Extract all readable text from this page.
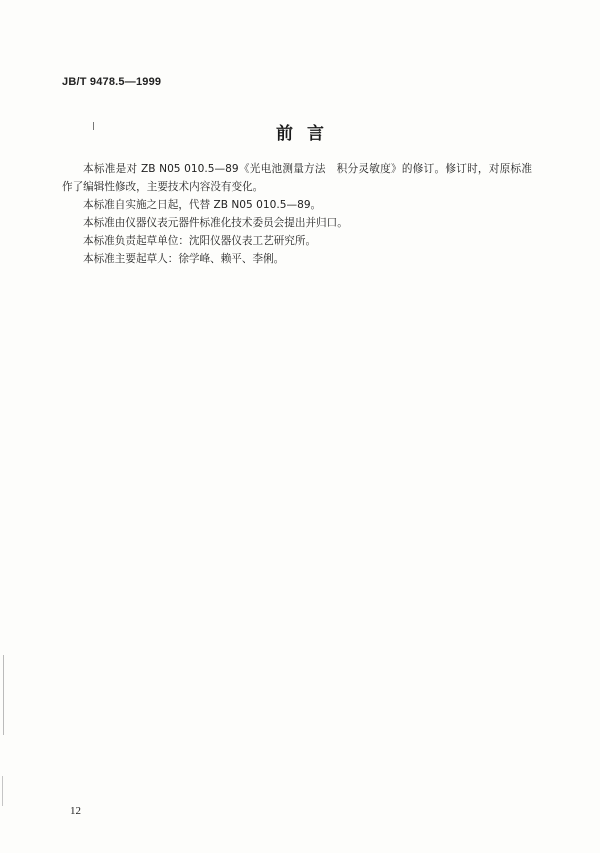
JB/T 9478.5—1999
前言

本标准是对 ZB N05 010.5—89《光电池测量方法　积分灵敏度》的修订。修订时，对原标准作了编辑性修改，主要技术内容没有变化。

本标准自实施之日起，代替 ZB N05 010.5—89。

本标准由仪器仪表元器件标准化技术委员会提出并归口。

本标准负责起草单位：沈阳仪器仪表工艺研究所。

本标准主要起草人：徐学峰、赖平、李俐。

12
